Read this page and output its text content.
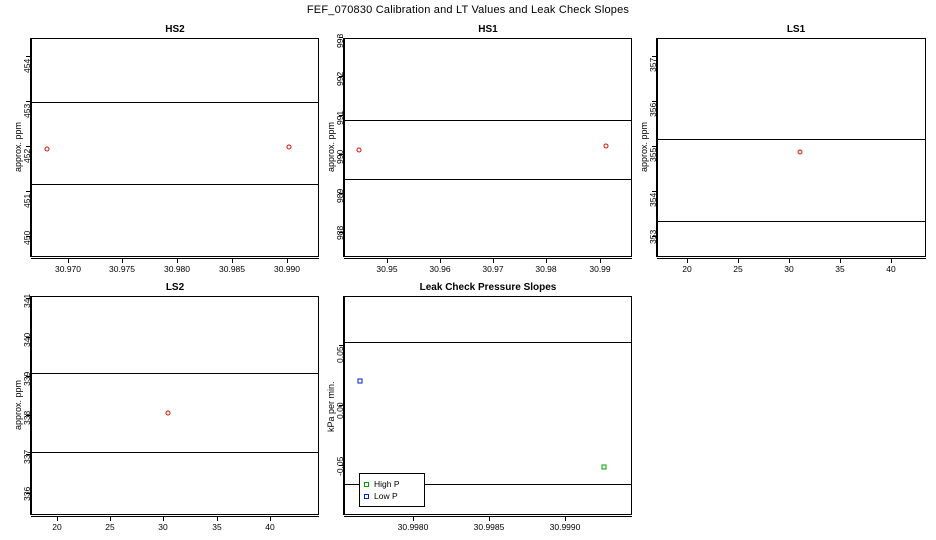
FEF_070830 Calibration and LT Values and Leak Check Slopes
HS2
450
451
452
453
454
approx. ppm
30.970	30.975	30.980	30.985	30.990
HS1
988
989
990
991
992
993
approx. ppm
30.95	30.96	30.97	30.98	30.99
LS1
353
354
355
356
357
approx. ppm
20	25	30	35	40
LS2
336
337
338
339
340
341
approx. ppm
20	25	30	35	40
Leak Check Pressure Slopes
High P
Low P
-0.05
0.00
0.05
kPa per min.
30.9980	30.9985	30.9990
